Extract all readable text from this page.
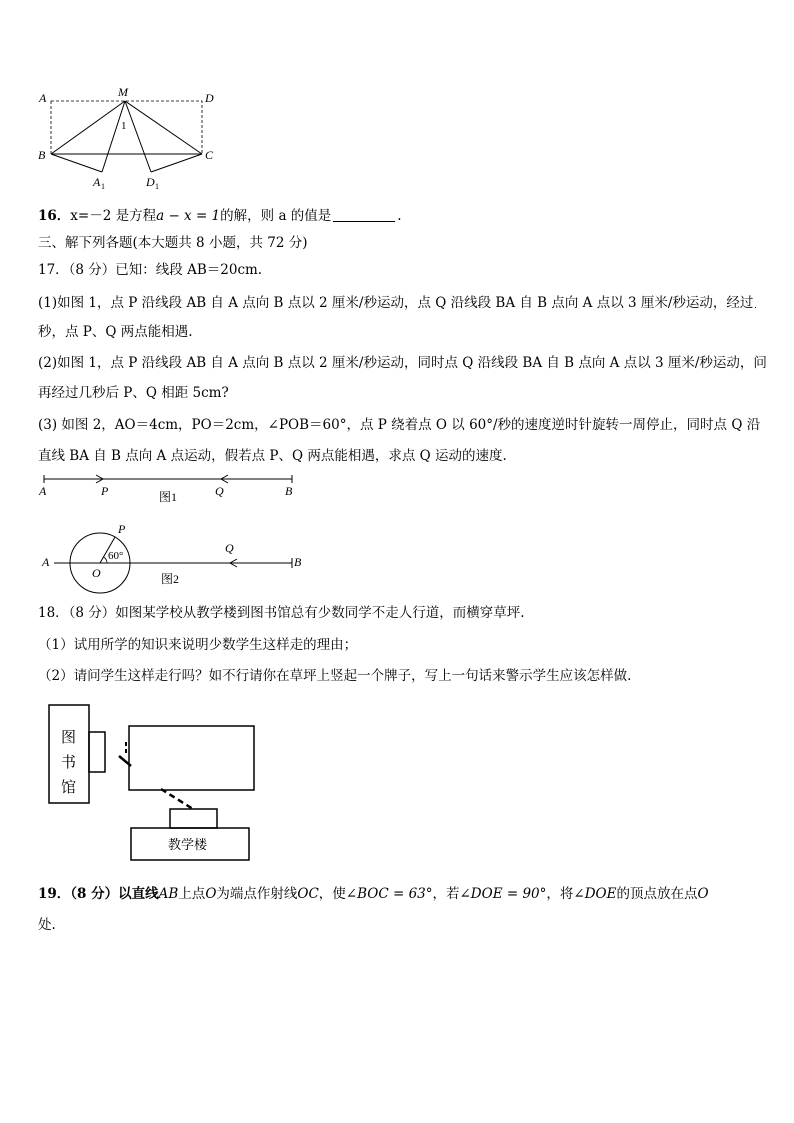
A	M	D
B	C
1
A 1	D 1
16．x=－2 是方程a − x = 1的解，则 a 的值是	.
三、解下列各题(本大题共 8 小题，共 72 分)
17．（8 分）已知：线段 AB＝20cm.
(1)如图 1，点 P 沿线段 AB 自 A 点向 B 点以 2 厘米/秒运动，点 Q 沿线段 BA 自 B 点向 A 点以 3 厘米/秒运动，经过
秒，点 P、Q 两点能相遇.
(2)如图 1，点 P 沿线段 AB 自 A 点向 B 点以 2 厘米/秒运动，同时点 Q 沿线段 BA 自 B 点向 A 点以 3 厘米/秒运动，问
再经过几秒后 P、Q 相距 5cm?
(3) 如图 2，AO＝4cm，PO＝2cm，∠POB＝60°，点 P 绕着点 O 以 60°/秒的速度逆时针旋转一周停止，同时点 Q 沿
直线 BA 自 B 点向 A 点运动，假若点 P、Q 两点能相遇，求点 Q 运动的速度.
A	P	Q	B
图1
A
P
60°
O
Q
B
图2
18．（8 分）如图某学校从教学楼到图书馆总有少数同学不走人行道，而横穿草坪.
（1）试用所学的知识来说明少数学生这样走的理由；
（2）请问学生这样走行吗？如不行请你在草坪上竖起一个牌子，写上一句话来警示学生应该怎样做.
图
书
馆
教学楼
19．（8 分）以直线AB上点O为端点作射线OC，使∠BOC = 63°，若∠DOE = 90°，将∠DOE的顶点放在点O
处.
